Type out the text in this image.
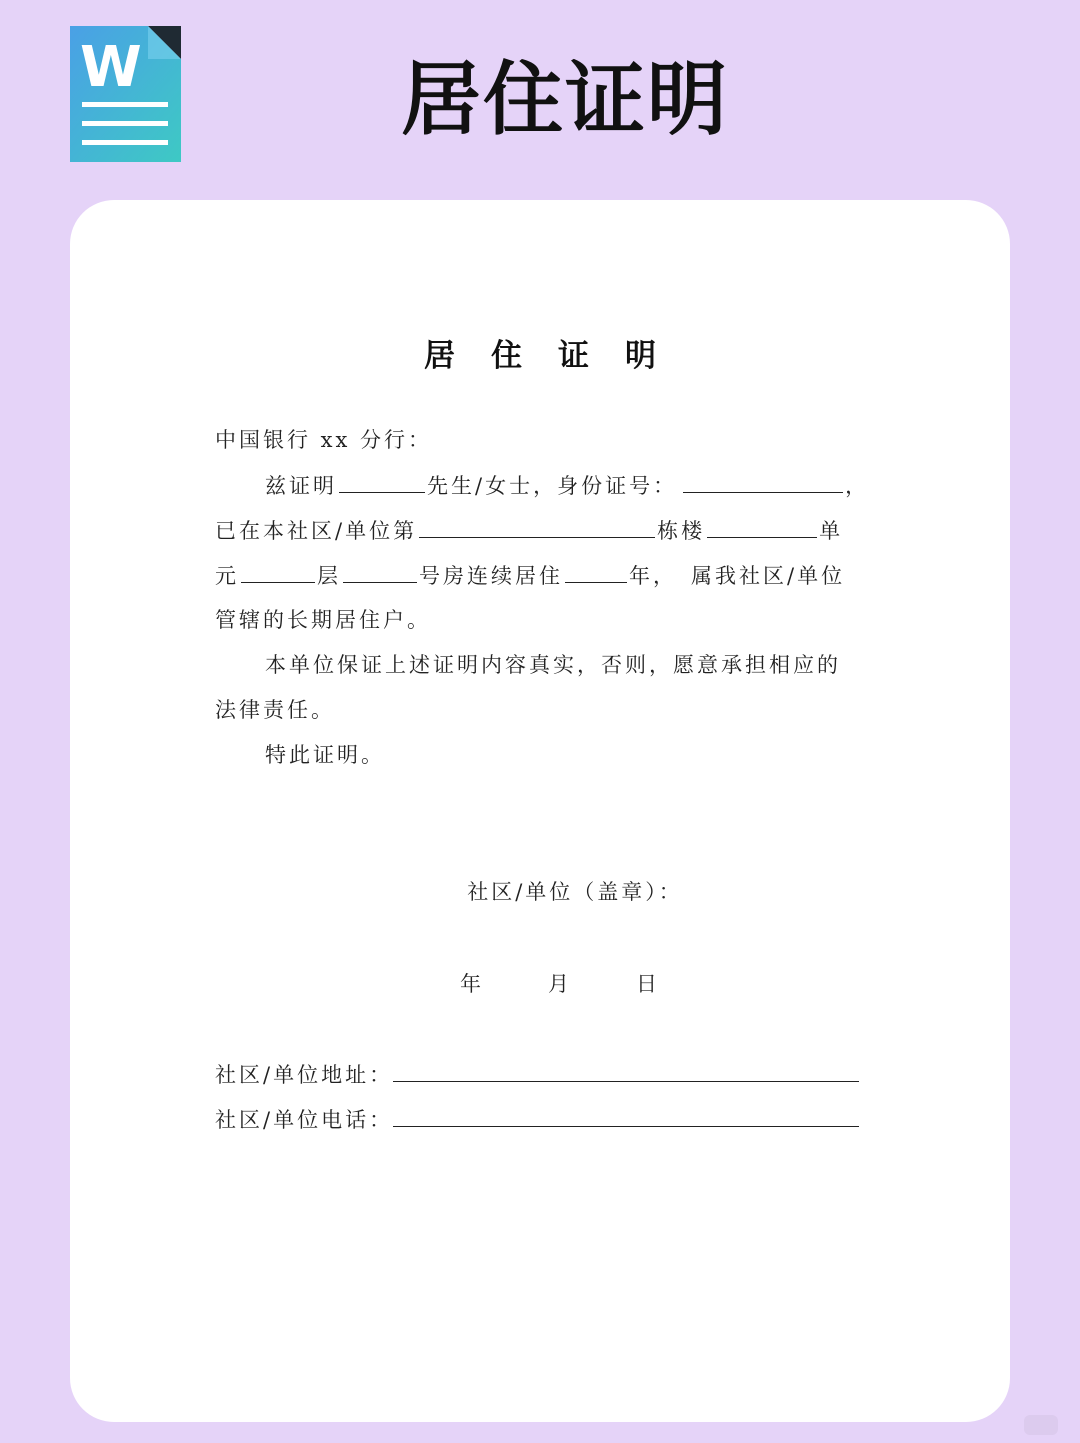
W	居住证明
居住证明
中国银行 xx 分行：
兹证明	先生/女士，身份证号：	，
已在本社区/单位第	栋楼	单
元	层	号房连续居住	年， 属我社区/单位
管辖的长期居住户。
本单位保证上述证明内容真实，否则，愿意承担相应的
法律责任。
特此证明。
社区/单位（盖章）：
年	月	日
社区/单位地址：
社区/单位电话：
